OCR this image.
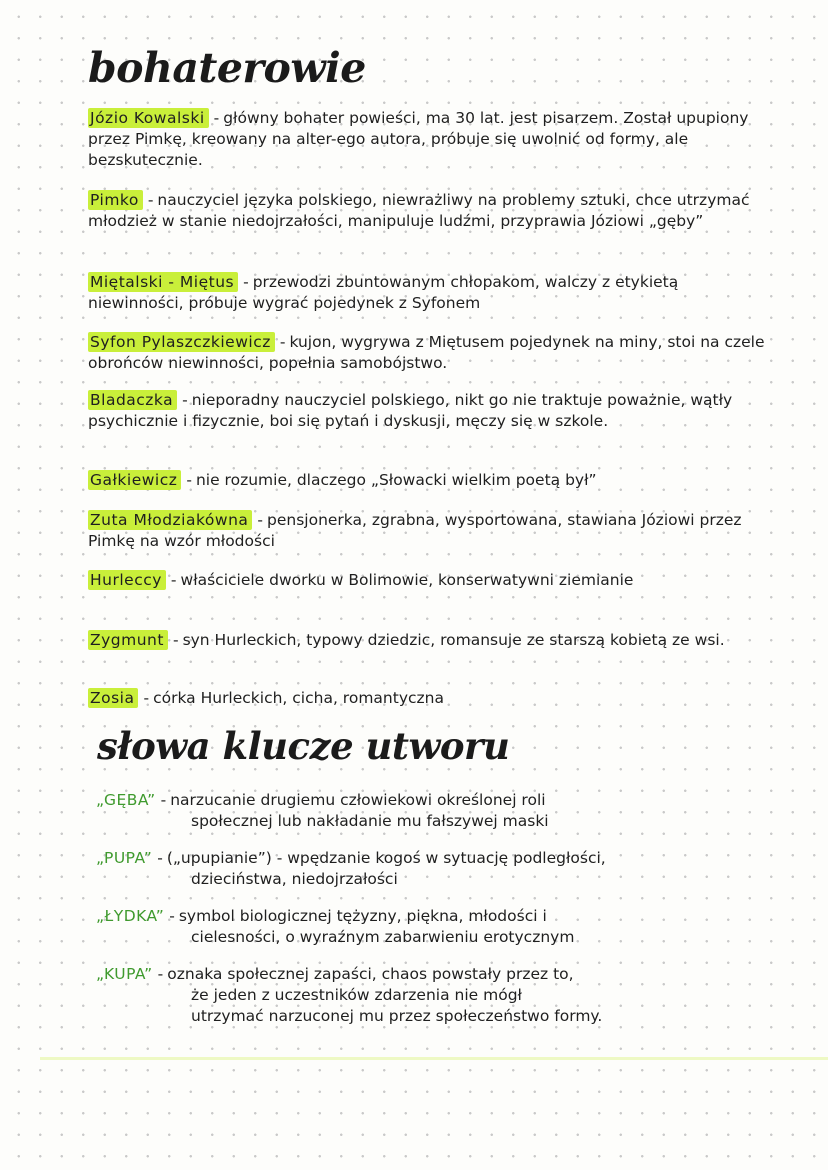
bohaterowie
Józio Kowalski - główny bohater powieści, ma 30 lat. jest pisarzem. Został upupiony przez Pimkę, kreowany na alter-ego autora, próbuje się uwolnić od formy, ale bezskutecznie.
Pimko - nauczyciel języka polskiego, niewrażliwy na problemy sztuki, chce utrzymać młodzież w stanie niedojrzałości, manipuluje ludźmi, przyprawia Józiowi „gęby”
Miętalski - Miętus - przewodzi zbuntowanym chłopakom, walczy z etykietą niewinności, próbuje wygrać pojedynek z Syfonem
Syfon Pylaszczkiewicz - kujon, wygrywa z Miętusem pojedynek na miny, stoi na czele obrońców niewinności, popełnia samobójstwo.
Bladaczka - nieporadny nauczyciel polskiego, nikt go nie traktuje poważnie, wątły psychicznie i fizycznie, boi się pytań i dyskusji, męczy się w szkole.
Gałkiewicz - nie rozumie, dlaczego „Słowacki wielkim poetą był”
Zuta Młodziakówna - pensjonerka, zgrabna, wysportowana, stawiana Józiowi przez Pimkę na wzór młodości
Hurleccy - właściciele dworku w Bolimowie, konserwatywni ziemianie
Zygmunt - syn Hurleckich, typowy dziedzic, romansuje ze starszą kobietą ze wsi.
Zosia - córka Hurleckich, cicha, romantyczna
słowa klucze utworu
„GĘBA” - narzucanie drugiemu człowiekowi określonej roli
społecznej lub nakładanie mu fałszywej maski
„PUPA” - („upupianie”) - wpędzanie kogoś w sytuację podległości,
dzieciństwa, niedojrzałości
„ŁYDKA” - symbol biologicznej tężyzny, piękna, młodości i
cielesności, o wyraźnym zabarwieniu erotycznym
„KUPA” - oznaka społecznej zapaści, chaos powstały przez to,
że jeden z uczestników zdarzenia nie mógł
utrzymać narzuconej mu przez społeczeństwo formy.
